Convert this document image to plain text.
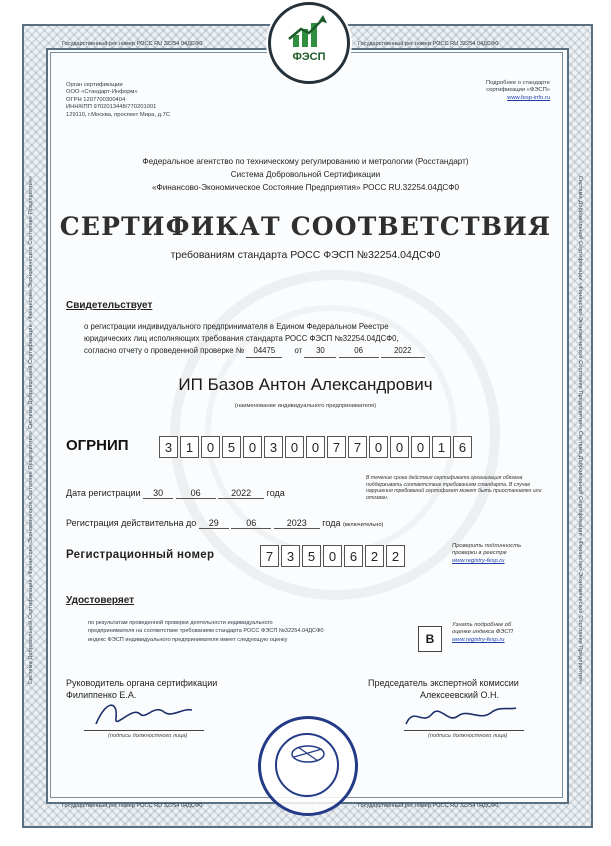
Система Добровольной Сертификации «Финансово-Экономическое Состояние Предприятия» Система Добровольной Сертификации «Финансово-Экономическое Состояние Предприятия»	Система Добровольной Сертификации «Финансово-Экономическое Состояние Предприятия» Система Добровольной Сертификации «Финансово-Экономическое Состояние Предприятия»
Государственный рег номер РОСС RU 32254 04ДСФ0	Государственный рег номер РОСС RU 32254 04ДСФ0
Государственный рег номер РОСС RU 32254 04ДСФ0	Государственный рег номер РОСС RU 32254 04ДСФ0
ФЭСП
Орган сертификации
ООО «Стандарт-Информ»
ОГРН 1207700300404
ИНН/КПП 9702013448/770201001
129110, г.Москва, проспект Мира, д.7С
Подробнее о стандарте
сертификации «ФЭСП»
www.fesp-info.ru
Федеральное агентство по техническому регулированию и метрологии (Росстандарт)
Система Добровольной Сертификации
«Финансово-Экономическое Состояние Предприятия» РОСС RU.32254.04ДСФ0
СЕРТИФИКАТ СООТВЕТСТВИЯ
требованиям стандарта РОСС ФЭСП №32254.04ДСФ0
Свидетельствует
о регистрации индивидуального предпринимателя в Едином Федеральном Реестре
юридических лиц исполняющих требования стандарта РОСС ФЭСП №32254.04ДСФ0,
согласно отчету о проведенной проверке № 04475 от 30	06	2022
ИП Базов Антон Александрович
(наименование индивидуального предпринимателя)
ОГРНИП	3	1	0	5	0	3	0	0	7	7	0	0	0	1	6
Дата регистрации 30	06	2022 года
Регистрация действительна до 29	06	2023 года (включительно)
В течение срока действия сертификата организация обязана поддерживать соответствие требованиям стандарта. В случае нарушения требований сертификат может быть приостановлен или отозван.
Регистрационный номер	7	3	5	0	6	2	2
Проверить подлинность
проверки в реестре
www.registry-fesp.ru
Удостоверяет
по результатам проведенной проверки деятельности индивидуального
предпринимателя на соответствие требованиям стандарта РОСС ФЭСП №32254.04ДСФ0
индекс ФЭСП индивидуального предпринимателя имеет следующую оценку	B
Узнать подробнее об
оценке индекса ФЭСП
www.registry-fesp.ru
Руководитель органа сертификации
Филиппенко Е.А.
(подпись должностного лица)
Председатель экспертной комиссии
Алексеевский О.Н.
(подпись должностного лица)
